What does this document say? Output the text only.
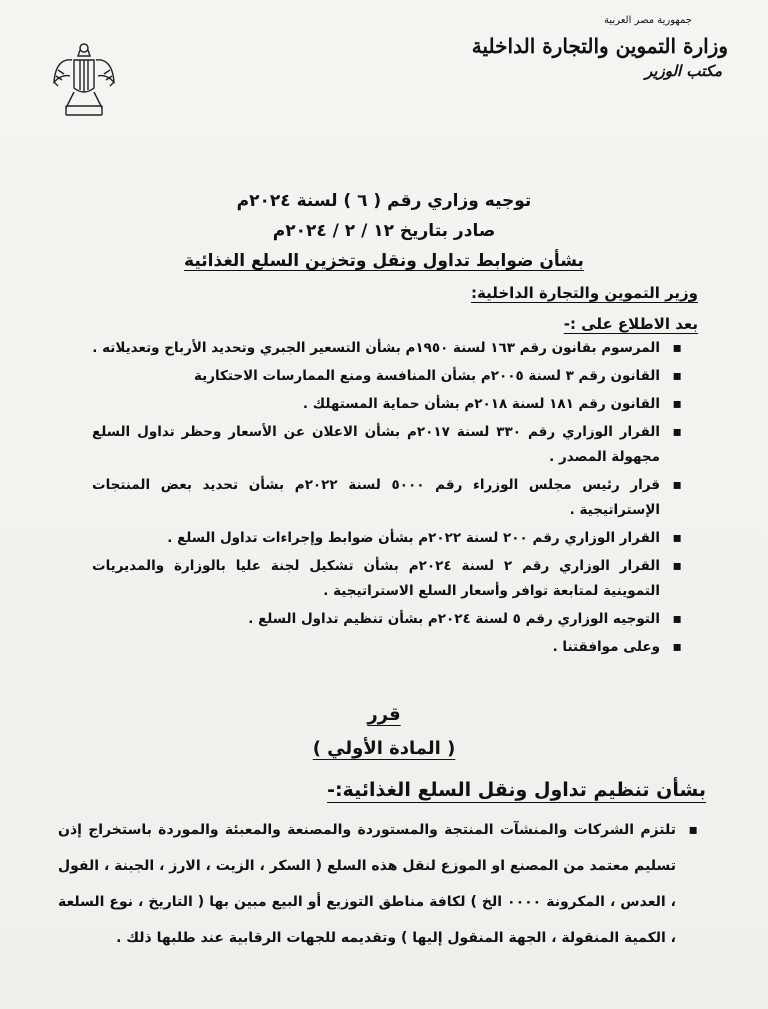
جمهورية مصر العربية
وزارة التموين والتجارة الداخلية
مكتب الوزير
توجيه وزاري رقم ( ٦ ) لسنة ٢٠٢٤م
صادر بتاريخ ١٢ / ٢ / ٢٠٢٤م
بشأن ضوابط تداول ونقل وتخزين السلع الغذائية
وزير التموين والتجارة الداخلية:
بعد الاطلاع على :-
▪ المرسوم بقانون رقم ١٦٣ لسنة ١٩٥٠م بشأن التسعير الجبري وتحديد الأرباح وتعديلاته .
▪ القانون رقم ٣ لسنة ٢٠٠٥م بشأن المنافسة ومنع الممارسات الاحتكارية
▪ القانون رقم ١٨١ لسنة ٢٠١٨م بشأن حماية المستهلك .
▪ القرار الوزاري رقم ٣٣٠ لسنة ٢٠١٧م بشأن الاعلان عن الأسعار وحظر تداول السلع مجهولة المصدر .
▪ قرار رئيس مجلس الوزراء رقم ٥٠٠٠ لسنة ٢٠٢٢م بشأن تحديد بعض المنتجات الإستراتيجية .
▪ القرار الوزاري رقم ٢٠٠ لسنة ٢٠٢٢م بشأن ضوابط وإجراءات تداول السلع .
▪ القرار الوزاري رقم ٢ لسنة ٢٠٢٤م بشأن تشكيل لجنة عليا بالوزارة والمديريات التموينية لمتابعة توافر وأسعار السلع الاستراتيجية .
▪ التوجيه الوزاري رقم ٥ لسنة ٢٠٢٤م بشأن تنظيم تداول السلع .
▪ وعلى موافقتنا .
قرر
( المادة الأولي )
بشأن تنظيم تداول ونقل السلع الغذائية:-
▪ تلتزم الشركات والمنشآت المنتجة والمستوردة والمصنعة والمعبئة والموردة باستخراج إذن تسليم معتمد من المصنع او الموزع لنقل هذه السلع ( السكر ، الزيت ، الارز ، الجبنة ، الفول ، العدس ، المكرونة ٠٠٠٠ الخ ) لكافة مناطق التوزيع أو البيع مبين بها ( التاريخ ، نوع السلعة ، الكمية المنقولة ، الجهة المنقول إليها ) وتقديمه للجهات الرقابية عند طلبها ذلك .
